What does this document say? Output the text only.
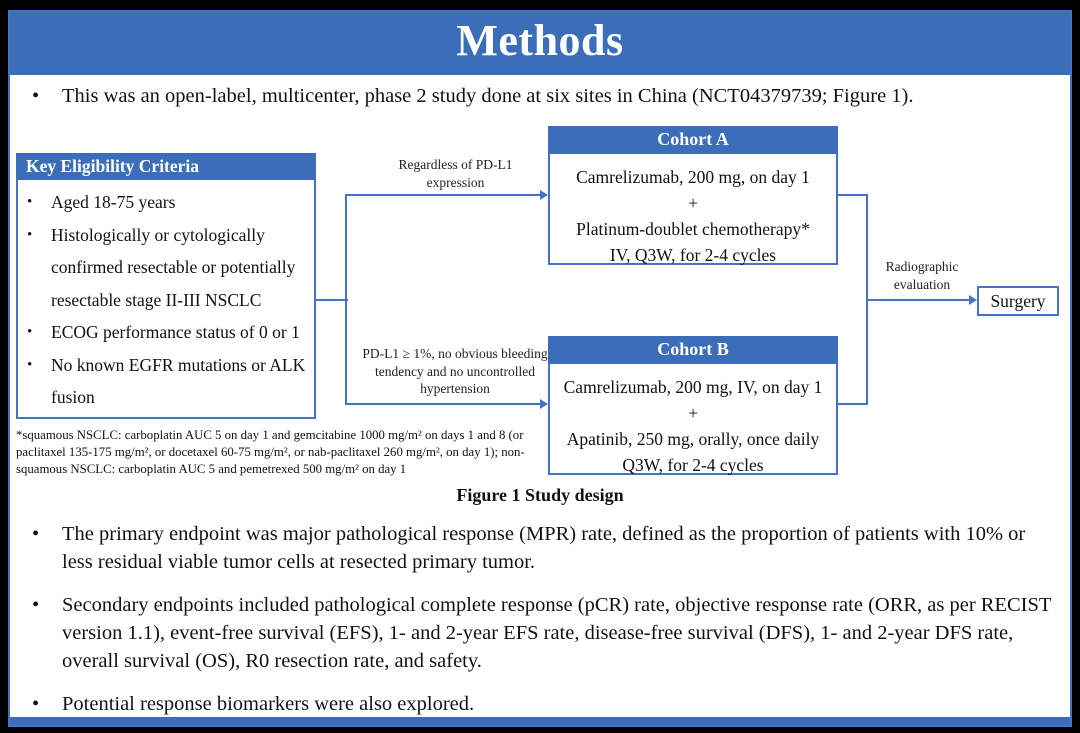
Methods
• This was an open-label, multicenter, phase 2 study done at six sites in China (NCT04379739; Figure 1).
Key Eligibility Criteria
• Aged 18-75 years
• Histologically or cytologically confirmed resectable or potentially resectable stage II-III NSCLC
• ECOG performance status of 0 or 1
• No known EGFR mutations or ALK fusion
Regardless of PD-L1 expression
PD-L1 ≥ 1%, no obvious bleeding tendency and no uncontrolled hypertension
Cohort A
Camrelizumab, 200 mg, on day 1
+
Platinum-doublet chemotherapy*
IV, Q3W, for 2-4 cycles
Cohort B
Camrelizumab, 200 mg, IV, on day 1
+
Apatinib, 250 mg, orally, once daily
Q3W, for 2-4 cycles
Radiographic evaluation
Surgery
*squamous NSCLC: carboplatin AUC 5 on day 1 and gemcitabine 1000 mg/m² on days 1 and 8 (or paclitaxel 135-175 mg/m², or docetaxel 60-75 mg/m², or nab-paclitaxel 260 mg/m², on day 1); non-squamous NSCLC: carboplatin AUC 5 and pemetrexed 500 mg/m² on day 1
Figure 1 Study design
• The primary endpoint was major pathological response (MPR) rate, defined as the proportion of patients with 10% or less residual viable tumor cells at resected primary tumor.
• Secondary endpoints included pathological complete response (pCR) rate, objective response rate (ORR, as per RECIST version 1.1), event-free survival (EFS), 1- and 2-year EFS rate, disease-free survival (DFS), 1- and 2-year DFS rate, overall survival (OS), R0 resection rate, and safety.
• Potential response biomarkers were also explored.
